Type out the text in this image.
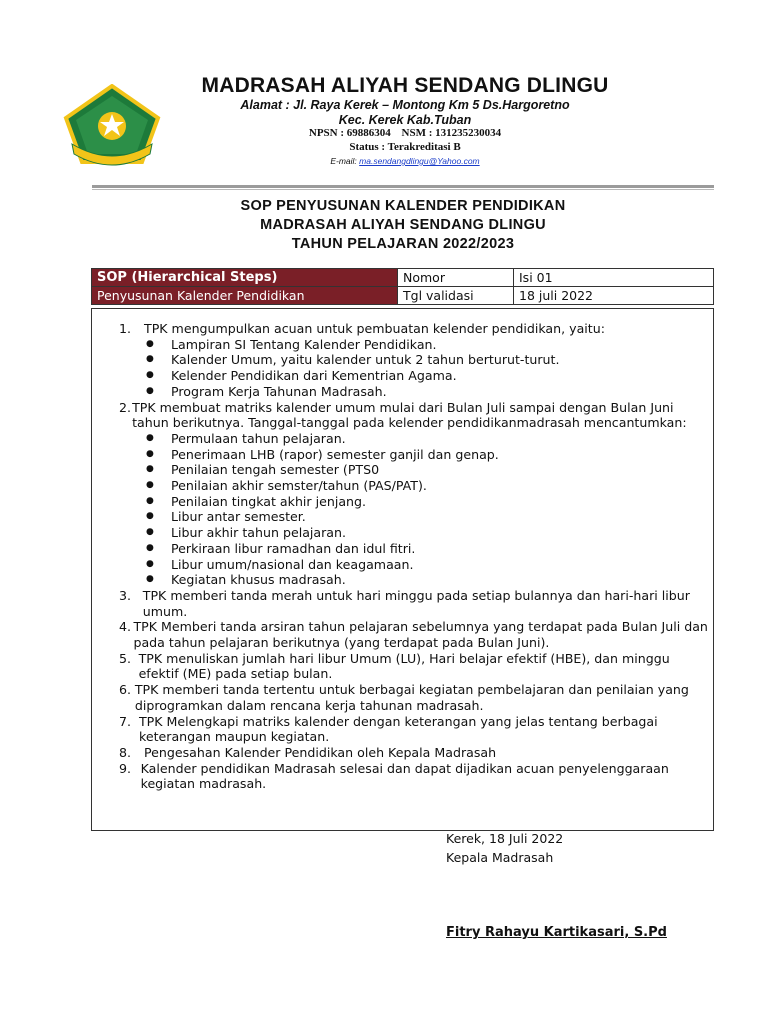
MADRASAH ALIYAH SENDANG DLINGU
Alamat : Jl. Raya Kerek – Montong Km 5 Ds.Hargoretno
Kec. Kerek Kab.Tuban
NPSN : 69886304 NSM : 131235230034
Status : Terakreditasi B
E-mail: ma.sendangdlingu@Yahoo.com
SOP PENYUSUNAN KALENDER PENDIDIKAN
MADRASAH ALIYAH SENDANG DLINGU
TAHUN PELAJARAN 2022/2023
SOP (Hierarchical Steps)	Nomor	Isi 01
Penyusunan Kalender Pendidikan	Tgl validasi	18 juli 2022
1.	TPK mengumpulkan acuan untuk pembuatan kelender pendidikan, yaitu:
●	Lampiran SI Tentang Kalender Pendidikan.
●	Kalender Umum, yaitu kalender untuk 2 tahun berturut-turut.
●	Kelender Pendidikan dari Kementrian Agama.
●	Program Kerja Tahunan Madrasah.
2. TPK membuat matriks kalender umum mulai dari Bulan Juli sampai dengan Bulan Juni tahun berikutnya. Tanggal-tanggal pada kelender pendidikanmadrasah mencantumkan:
●	Permulaan tahun pelajaran.
●	Penerimaan LHB (rapor) semester ganjil dan genap.
●	Penilaian tengah semester (PTS0
●	Penilaian akhir semster/tahun (PAS/PAT).
●	Penilaian tingkat akhir jenjang.
●	Libur antar semester.
●	Libur akhir tahun pelajaran.
●	Perkiraan libur ramadhan dan idul fitri.
●	Libur umum/nasional dan keagamaan.
●	Kegiatan khusus madrasah.
3. TPK memberi tanda merah untuk hari minggu pada setiap bulannya dan hari-hari libur umum.
4. TPK Memberi tanda arsiran tahun pelajaran sebelumnya yang terdapat pada Bulan Juli dan pada tahun pelajaran berikutnya (yang terdapat pada Bulan Juni).
5. TPK menuliskan jumlah hari libur Umum (LU), Hari belajar efektif (HBE), dan minggu efektif (ME) pada setiap bulan.
6. TPK memberi tanda tertentu untuk berbagai kegiatan pembelajaran dan penilaian yang diprogramkan dalam rencana kerja tahunan madrasah.
7. TPK Melengkapi matriks kalender dengan keterangan yang jelas tentang berbagai keterangan maupun kegiatan.
8.	Pengesahan Kalender Pendidikan oleh Kepala Madrasah
9. Kalender pendidikan Madrasah selesai dan dapat dijadikan acuan penyelenggaraan kegiatan madrasah.
Kerek, 18 Juli 2022
Kepala Madrasah
Fitry Rahayu Kartikasari, S.Pd
